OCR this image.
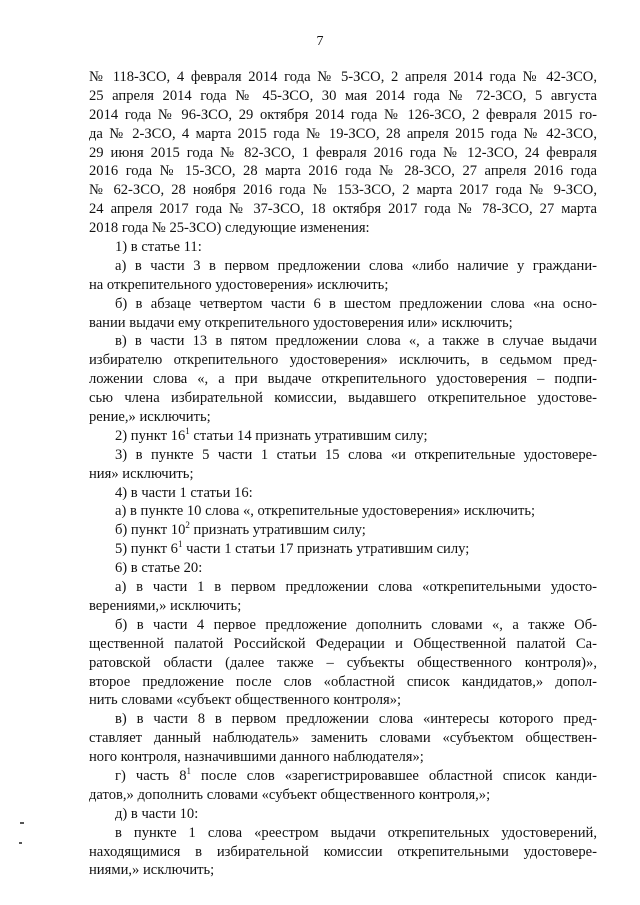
7
№ 118-ЗСО, 4 февраля 2014 года № 5-ЗСО, 2 апреля 2014 года № 42-ЗСО,
25 апреля 2014 года № 45-ЗСО, 30 мая 2014 года № 72-ЗСО, 5 августа
2014 года № 96-ЗСО, 29 октября 2014 года № 126-ЗСО, 2 февраля 2015 го-
да № 2-ЗСО, 4 марта 2015 года № 19-ЗСО, 28 апреля 2015 года № 42-ЗСО,
29 июня 2015 года № 82-ЗСО, 1 февраля 2016 года № 12-ЗСО, 24 февраля
2016 года № 15-ЗСО, 28 марта 2016 года № 28-ЗСО, 27 апреля 2016 года
№ 62-ЗСО, 28 ноября 2016 года № 153-ЗСО, 2 марта 2017 года № 9-ЗСО,
24 апреля 2017 года № 37-ЗСО, 18 октября 2017 года № 78-ЗСО, 27 марта
2018 года № 25-ЗСО) следующие изменения:
1) в статье 11:
а) в части 3 в первом предложении слова «либо наличие у граждани-
на открепительного удостоверения» исключить;
б) в абзаце четвертом части 6 в шестом предложении слова «на осно-
вании выдачи ему открепительного удостоверения или» исключить;
в) в части 13 в пятом предложении слова «, а также в случае выдачи
избирателю открепительного удостоверения» исключить, в седьмом пред-
ложении слова «, а при выдаче открепительного удостоверения – подпи-
сью члена избирательной комиссии, выдавшего открепительное удостове-
рение,» исключить;
2) пункт $16^1$ статьи 14 признать утратившим силу;
3) в пункте 5 части 1 статьи 15 слова «и открепительные удостовере-
ния» исключить;
4) в части 1 статьи 16:
а) в пункте 10 слова «, открепительные удостоверения» исключить;
б) пункт $10^2$ признать утратившим силу;
5) пункт $6^1$ части 1 статьи 17 признать утратившим силу;
6) в статье 20:
а) в части 1 в первом предложении слова «открепительными удосто-
верениями,» исключить;
б) в части 4 первое предложение дополнить словами «, а также Об-
щественной палатой Российской Федерации и Общественной палатой Са-
ратовской области (далее также – субъекты общественного контроля)»,
второе предложение после слов «областной список кандидатов,» допол-
нить словами «субъект общественного контроля»;
в) в части 8 в первом предложении слова «интересы которого пред-
ставляет данный наблюдатель» заменить словами «субъектом обществен-
ного контроля, назначившими данного наблюдателя»;
г) часть $8^1$ после слов «зарегистрировавшее областной список канди-
датов,» дополнить словами «субъект общественного контроля,»;
д) в части 10:
в пункте 1 слова «реестром выдачи открепительных удостоверений,
находящимися в избирательной комиссии открепительными удостовере-
ниями,» исключить;
